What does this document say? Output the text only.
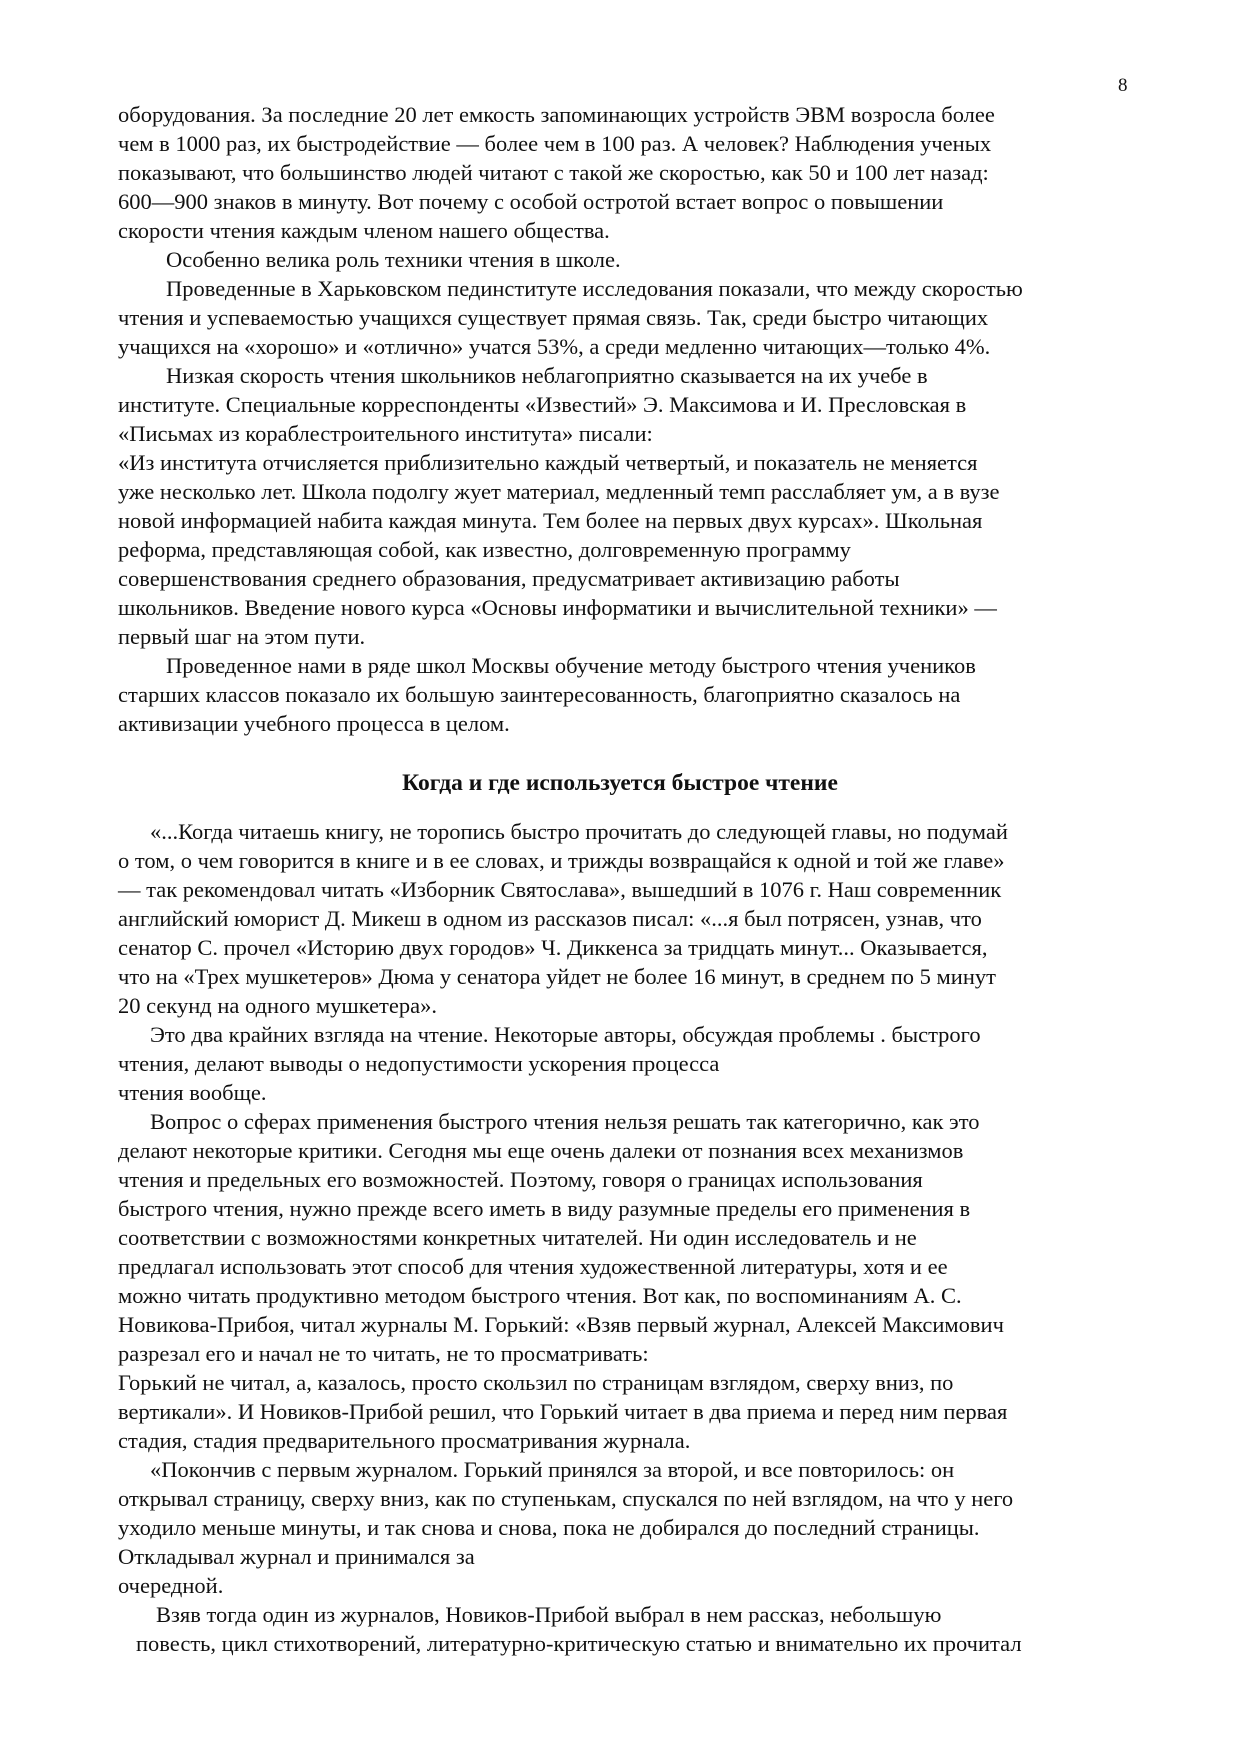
8
оборудования. За последние 20 лет емкость запоминающих устройств ЭВМ возросла более
чем в 1000 раз, их быстродействие — более чем в 100 раз. А человек? Наблюдения ученых
показывают, что большинство людей читают с такой же скоростью, как 50 и 100 лет назад:
600—900 знаков в минуту. Вот почему с особой остротой встает вопрос о повышении
скорости чтения каждым членом нашего общества.
Особенно велика роль техники чтения в школе.
Проведенные в Харьковском пединституте исследования показали, что между скоростью
чтения и успеваемостью учащихся существует прямая связь. Так, среди быстро читающих
учащихся на «хорошо» и «отлично» учатся 53%, а среди медленно читающих—только 4%.
Низкая скорость чтения школьников неблагоприятно сказывается на их учебе в
институте. Специальные корреспонденты «Известий» Э. Максимова и И. Пресловская в
«Письмах из кораблестроительного института» писали:
«Из института отчисляется приблизительно каждый четвертый, и показатель не меняется
уже несколько лет. Школа подолгу жует материал, медленный темп расслабляет ум, а в вузе
новой информацией набита каждая минута. Тем более на первых двух курсах». Школьная
реформа, представляющая собой, как известно, долговременную программу
совершенствования среднего образования, предусматривает активизацию работы
школьников. Введение нового курса «Основы информатики и вычислительной техники» —
первый шаг на этом пути.
Проведенное нами в ряде школ Москвы обучение методу быстрого чтения учеников
старших классов показало их большую заинтересованность, благоприятно сказалось на
активизации учебного процесса в целом.
Когда и где используется быстрое чтение
«...Когда читаешь книгу, не торопись быстро прочитать до следующей главы, но подумай
о том, о чем говорится в книге и в ее словах, и трижды возвращайся к одной и той же главе»
— так рекомендовал читать «Изборник Святослава», вышедший в 1076 г. Наш современник
английский юморист Д. Микеш в одном из рассказов писал: «...я был потрясен, узнав, что
сенатор С. прочел «Историю двух городов» Ч. Диккенса за тридцать минут... Оказывается,
что на «Трех мушкетеров» Дюма у сенатора уйдет не более 16 минут, в среднем по 5 минут
20 секунд на одного мушкетера».
Это два крайних взгляда на чтение. Некоторые авторы, обсуждая проблемы . быстрого
чтения, делают выводы о недопустимости ускорения процесса
чтения вообще.
Вопрос о сферах применения быстрого чтения нельзя решать так категорично, как это
делают некоторые критики. Сегодня мы еще очень далеки от познания всех механизмов
чтения и предельных его возможностей. Поэтому, говоря о границах использования
быстрого чтения, нужно прежде всего иметь в виду разумные пределы его применения в
соответствии с возможностями конкретных читателей. Ни один исследователь и не
предлагал использовать этот способ для чтения художественной литературы, хотя и ее
можно читать продуктивно методом быстрого чтения. Вот как, по воспоминаниям А. С.
Новикова-Прибоя, читал журналы М. Горький: «Взяв первый журнал, Алексей Максимович
разрезал его и начал не то читать, не то просматривать:
Горький не читал, а, казалось, просто скользил по страницам взглядом, сверху вниз, по
вертикали». И Новиков-Прибой решил, что Горький читает в два приема и перед ним первая
стадия, стадия предварительного просматривания журнала.
«Покончив с первым журналом. Горький принялся за второй, и все повторилось: он
открывал страницу, сверху вниз, как по ступенькам, спускался по ней взглядом, на что у него
уходило меньше минуты, и так снова и снова, пока не добирался до последний страницы.
Откладывал журнал и принимался за
очередной.
Взяв тогда один из журналов, Новиков-Прибой выбрал в нем рассказ, небольшую
повесть, цикл стихотворений, литературно-критическую статью и внимательно их прочитал
